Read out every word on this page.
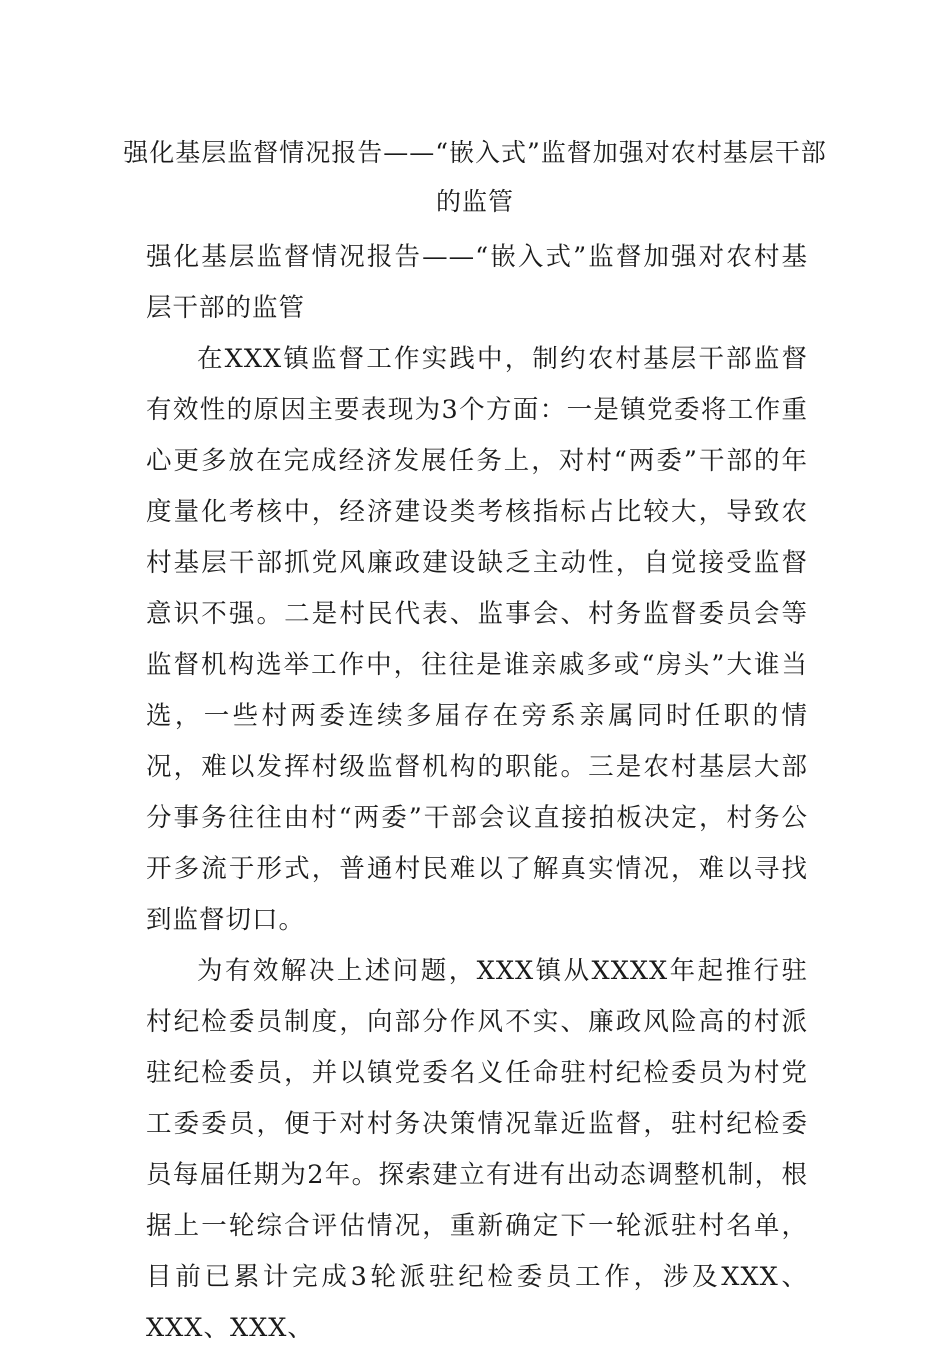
强化基层监督情况报告——“嵌入式”监督加强对农村基层干部的监管

强化基层监督情况报告——“嵌入式”监督加强对农村基层干部的监管

在XXX镇监督工作实践中，制约农村基层干部监督有效性的原因主要表现为3个方面：一是镇党委将工作重心更多放在完成经济发展任务上，对村“两委”干部的年度量化考核中，经济建设类考核指标占比较大，导致农村基层干部抓党风廉政建设缺乏主动性，自觉接受监督意识不强。二是村民代表、监事会、村务监督委员会等监督机构选举工作中，往往是谁亲戚多或“房头”大谁当选，一些村两委连续多届存在旁系亲属同时任职的情况，难以发挥村级监督机构的职能。三是农村基层大部分事务往往由村“两委”干部会议直接拍板决定，村务公开多流于形式，普通村民难以了解真实情况，难以寻找到监督切口。

为有效解决上述问题，XXX镇从XXXX年起推行驻村纪检委员制度，向部分作风不实、廉政风险高的村派驻纪检委员，并以镇党委名义任命驻村纪检委员为村党工委委员，便于对村务决策情况靠近监督，驻村纪检委员每届任期为2年。探索建立有进有出动态调整机制，根据上一轮综合评估情况，重新确定下一轮派驻村名单，目前已累计完成3轮派驻纪检委员工作，涉及XXX、XXX、XXX、
